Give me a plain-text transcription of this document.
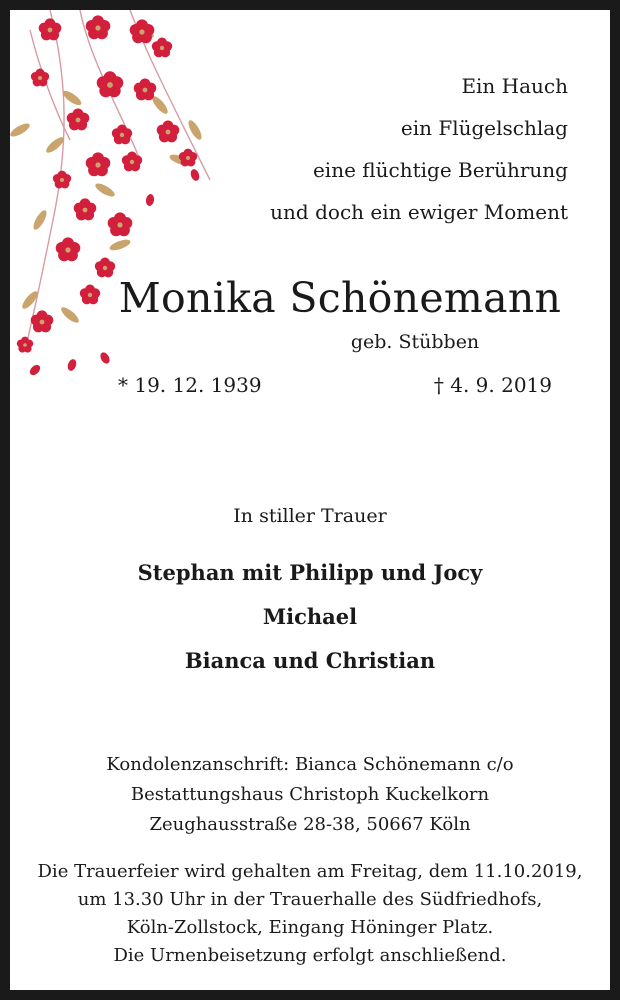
Ein Hauch
ein Flügelschlag
eine flüchtige Berührung
und doch ein ewiger Moment
Monika Schönemann
geb. Stübben
* 19. 12. 1939	† 4. 9. 2019
In stiller Trauer
Stephan mit Philipp und Jocy
Michael
Bianca und Christian
Kondolenzanschrift: Bianca Schönemann c/o
Bestattungshaus Christoph Kuckelkorn
Zeughausstraße 28-38, 50667 Köln
Die Trauerfeier wird gehalten am Freitag, dem 11.10.2019,
um 13.30 Uhr in der Trauerhalle des Südfriedhofs,
Köln-Zollstock, Eingang Höninger Platz.
Die Urnenbeisetzung erfolgt anschließend.
